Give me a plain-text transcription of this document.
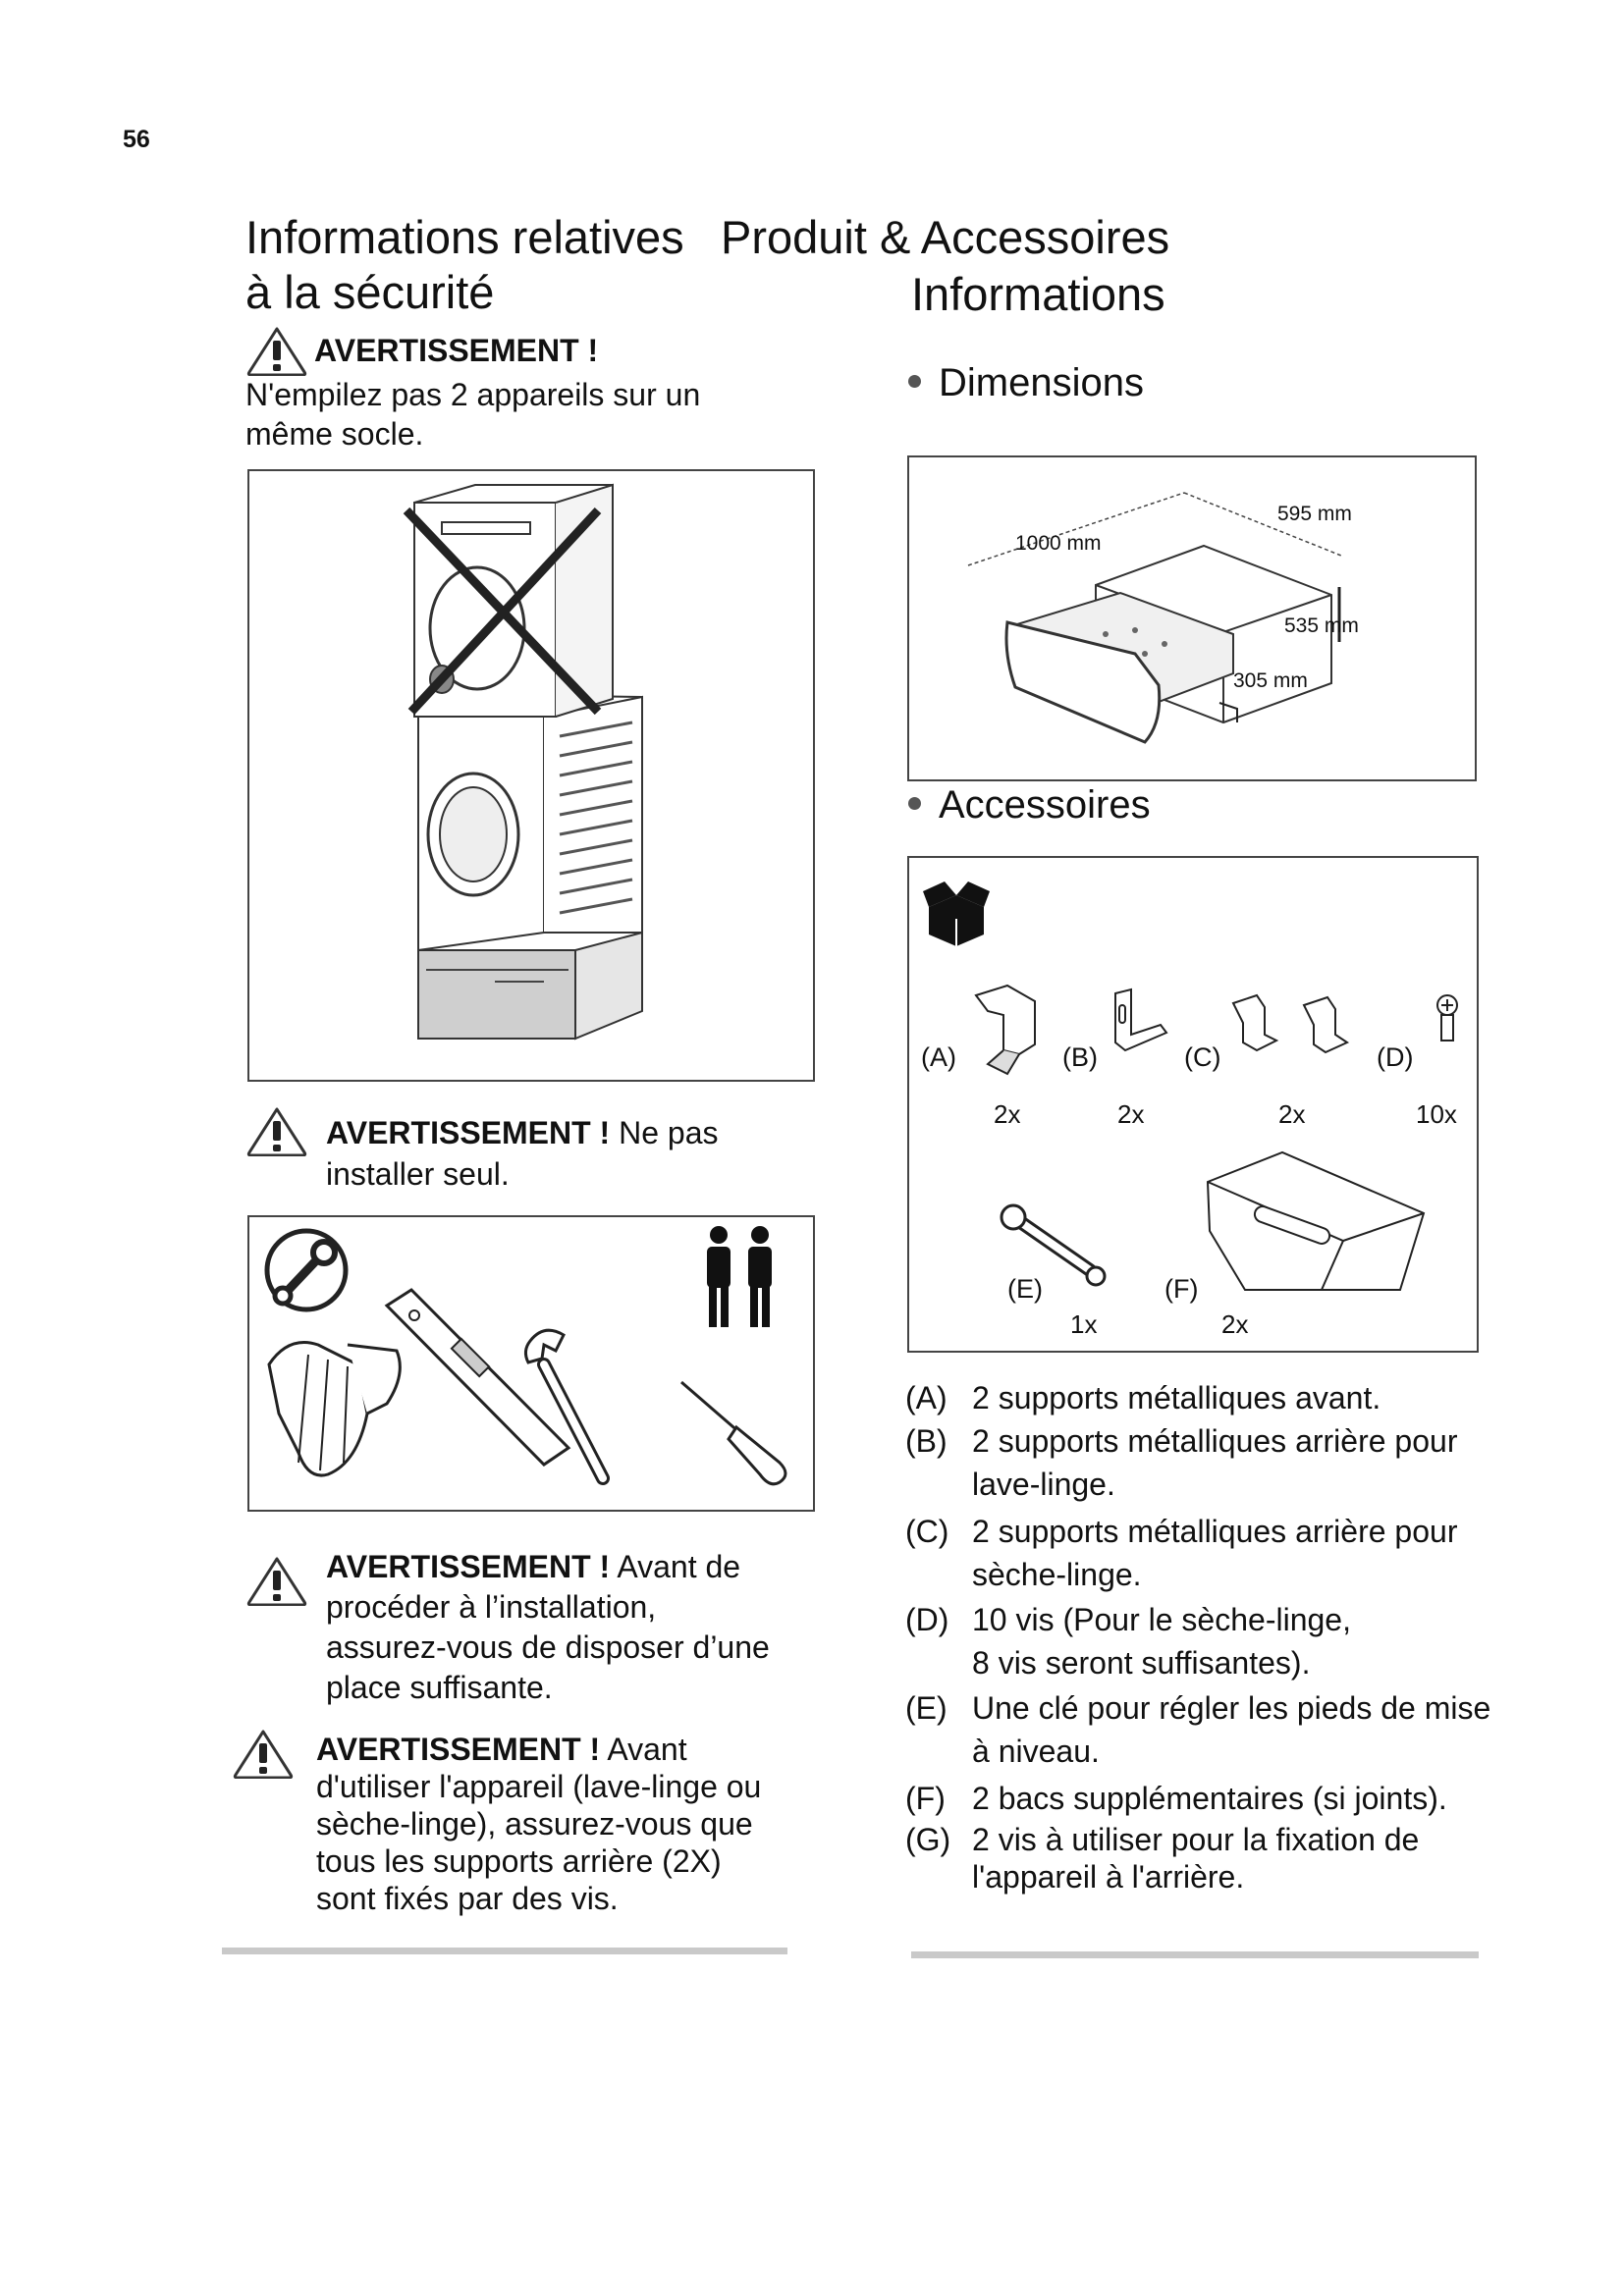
56
Informations relatives
à la sécurité
AVERTISSEMENT !
N'empilez pas 2 appareils sur un
même socle.
AVERTISSEMENT ! Ne pas
installer seul.
AVERTISSEMENT ! Avant de
procéder à l’installation,
assurez-vous de disposer d’une
place suffisante.
AVERTISSEMENT ! Avant
d'utiliser l'appareil (lave-linge ou
sèche-linge), assurez-vous que
tous les supports arrière (2X)
sont fixés par des vis.
Produit & Accessoires
Informations
Dimensions
595 mm
1000 mm
535 mm
305 mm
Accessoires
(A)	(B)	(C)	(D)
2x	2x	2x	10x
(E)	(F)
1x	2x
(A) 2 supports métalliques avant.
(B) 2 supports métalliques arrière pour
lave-linge.
(C) 2 supports métalliques arrière pour
sèche-linge.
(D) 10 vis (Pour le sèche-linge,
8 vis seront suffisantes).
(E) Une clé pour régler les pieds de mise
à niveau.
(F) 2 bacs supplémentaires (si joints).
(G) 2 vis à utiliser pour la fixation de
l'appareil à l'arrière.
